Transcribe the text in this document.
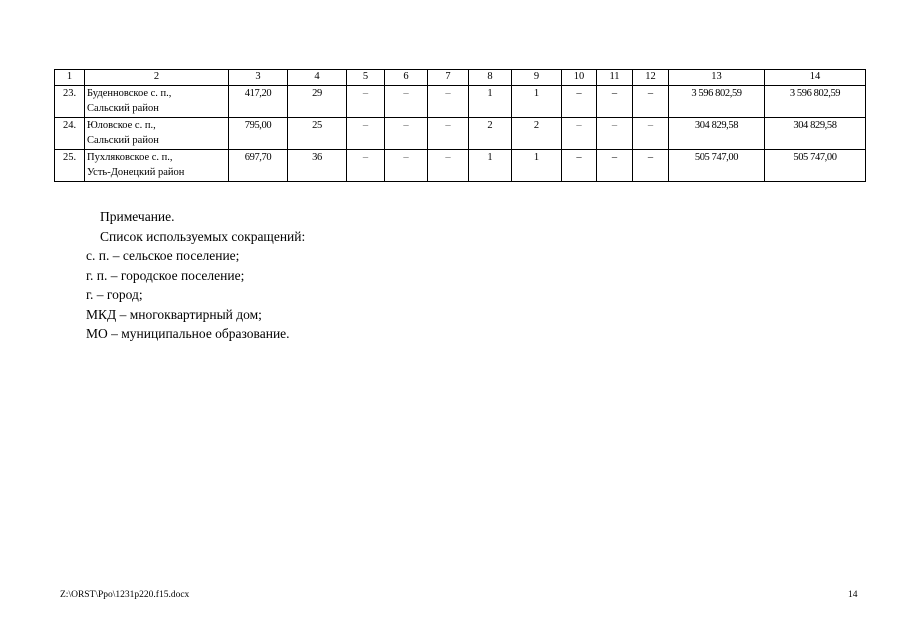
1	2	3	4	5	6	7	8	9	10	11	12	13	14
23.	Буденновское с. п.,
Сальский район	417,20	29	–	–	–	1	1	–	–	–	3 596 802,59	3 596 802,59
24.	Юловское с. п.,
Сальский район	795,00	25	–	–	–	2	2	–	–	–	304 829,58	304 829,58
25.	Пухляковское с. п.,
Усть-Донецкий район	697,70	36	–	–	–	1	1	–	–	–	505 747,00	505 747,00
Примечание.
Список используемых сокращений:
с. п. – сельское поселение;
г. п. – городское поселение;
г. – город;
МКД – многоквартирный дом;
МО – муниципальное образование.
Z:\ORST\Ppo\1231p220.f15.docx	14
